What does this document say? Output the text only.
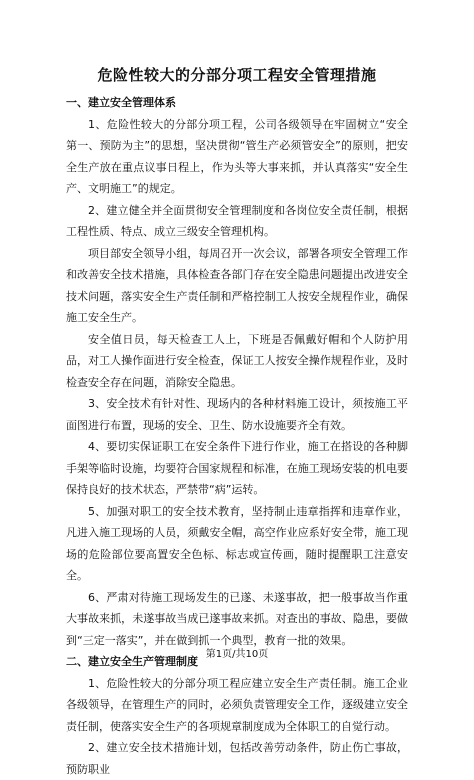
危险性较大的分部分项工程安全管理措施

一、建立安全管理体系

1、危险性较大的分部分项工程，公司各级领导在牢固树立“安全第一、预防为主”的思想，坚决贯彻“管生产必须管安全”的原则，把安全生产放在重点议事日程上，作为头等大事来抓，并认真落实“安全生产、文明施工”的规定。

2、建立健全并全面贯彻安全管理制度和各岗位安全责任制，根据工程性质、特点、成立三级安全管理机构。

项目部安全领导小组，每周召开一次会议，部署各项安全管理工作和改善安全技术措施，具体检查各部门存在安全隐患问题提出改进安全技术问题，落实安全生产责任制和严格控制工人按安全规程作业，确保施工安全生产。

安全值日员，每天检查工人上，下班是否佩戴好帽和个人防护用品，对工人操作面进行安全检查，保证工人按安全操作规程作业，及时检查安全存在问题，消除安全隐患。

3、安全技术有针对性、现场内的各种材料施工设计，须按施工平面图进行布置，现场的安全、卫生、防水设施要齐全有效。

4、要切实保证职工在安全条件下进行作业，施工在搭设的各种脚手架等临时设施，均要符合国家规程和标准，在施工现场安装的机电要保持良好的技术状态，严禁带“病”运转。

5、加强对职工的安全技术教育，坚持制止违章指挥和违章作业，凡进入施工现场的人员，须戴安全帽，高空作业应系好安全带，施工现场的危险部位要高置安全色标、标志或宣传画，随时提醒职工注意安全。

6、严肃对待施工现场发生的已遂、未遂事故，把一般事故当作重大事故来抓，未遂事故当成已遂事故来抓。对查出的事故、隐患，要做到“三定一落实”，并在做到抓一个典型，教育一批的效果。

二、建立安全生产管理制度

1、危险性较大的分部分项工程应建立安全生产责任制。施工企业各级领导，在管理生产的同时，必须负责管理安全工作，逐级建立安全责任制，使落实安全生产的各项规章制度成为全体职工的自觉行动。

2、建立安全技术措施计划，包括改善劳动条件，防止伤亡事故，预防职业

第1页/共10页
